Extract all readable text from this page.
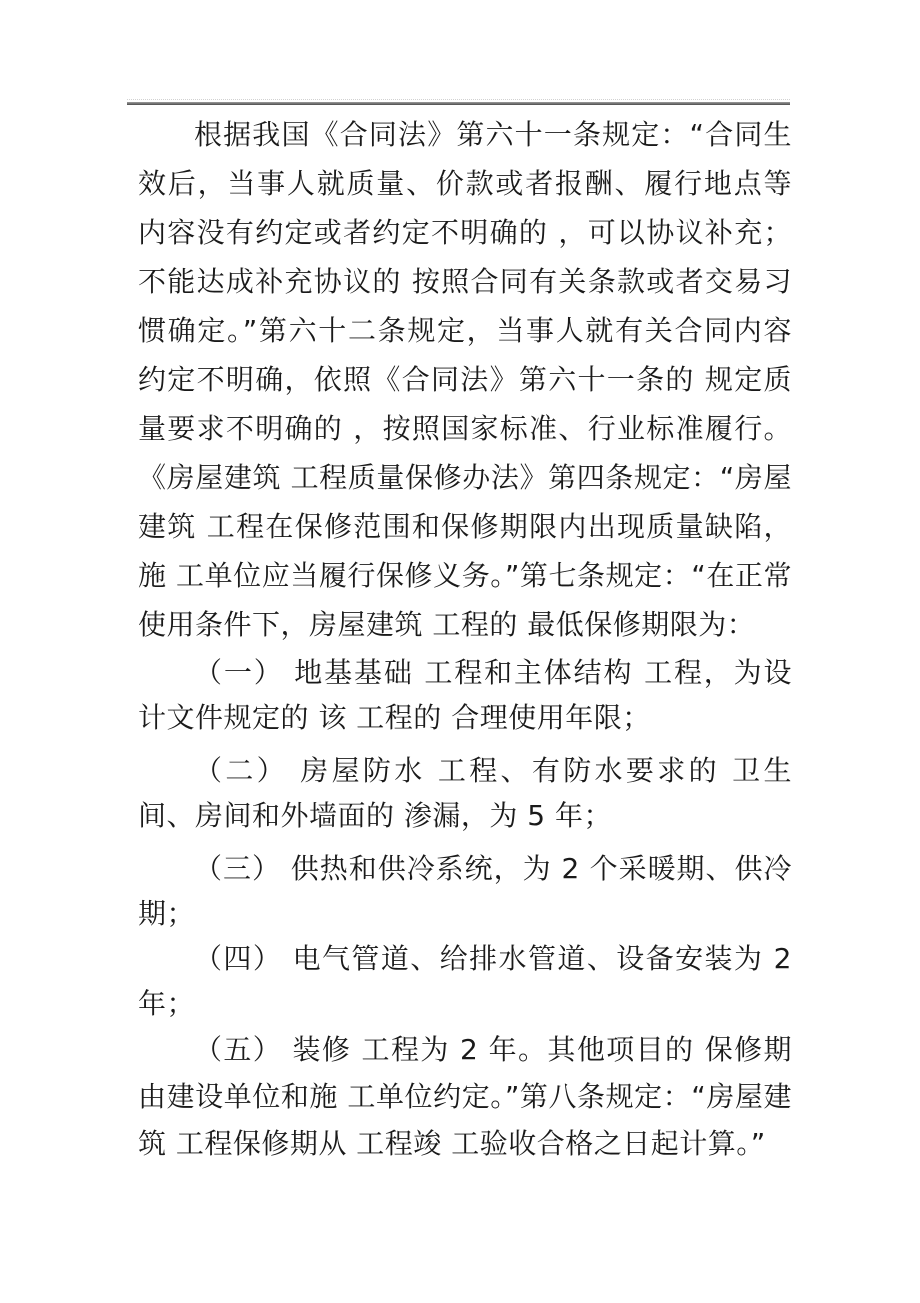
根据我国《合同法》第六十一条规定：“合同生效后，当事人就质量、价款或者报酬、履行地点等内容没有约定或者约定不明确的 ，可以协议补充；不能达成补充协议的 按照合同有关条款或者交易习惯确定。”第六十二条规定，当事人就有关合同内容约定不明确，依照《合同法》第六十一条的 规定质量要求不明确的 ，按照国家标准、行业标准履行。《房屋建筑 工程质量保修办法》第四条规定：“房屋建筑 工程在保修范围和保修期限内出现质量缺陷，施 工单位应当履行保修义务。”第七条规定：“在正常使用条件下，房屋建筑 工程的 最低保修期限为：

（一） 地基基础 工程和主体结构 工程，为设计文件规定的 该 工程的 合理使用年限；

（二） 房屋防水 工程、有防水要求的 卫生间、房间和外墙面的 渗漏，为 5 年；

（三） 供热和供冷系统，为 2 个采暖期、供冷期；

（四） 电气管道、给排水管道、设备安装为 2 年；

（五） 装修 工程为 2 年。其他项目的 保修期由建设单位和施 工单位约定。”第八条规定：“房屋建筑 工程保修期从 工程竣 工验收合格之日起计算。”
